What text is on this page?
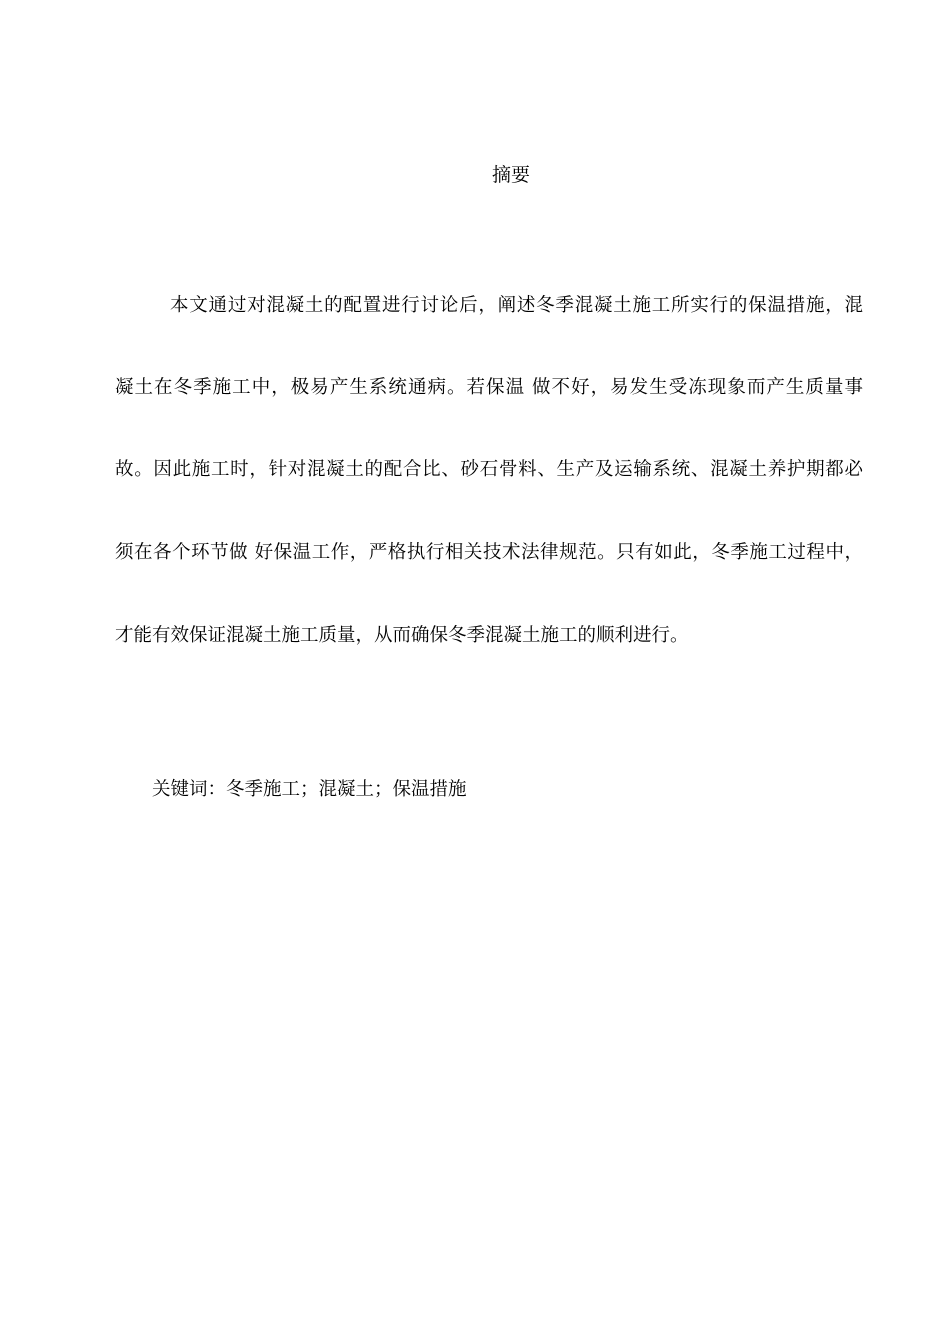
摘要
本文通过对混凝土的配置进行讨论后，阐述冬季混凝土施工所实行的保温措施，混
凝土在冬季施工中，极易产生系统通病。若保温 做不好，易发生受冻现象而产生质量事
故。因此施工时，针对混凝土的配合比、砂石骨料、生产及运输系统、混凝土养护期都必
须在各个环节做 好保温工作，严格执行相关技术法律规范。只有如此，冬季施工过程中，
才能有效保证混凝土施工质量，从而确保冬季混凝土施工的顺利进行。
关键词：冬季施工；混凝土；保温措施
